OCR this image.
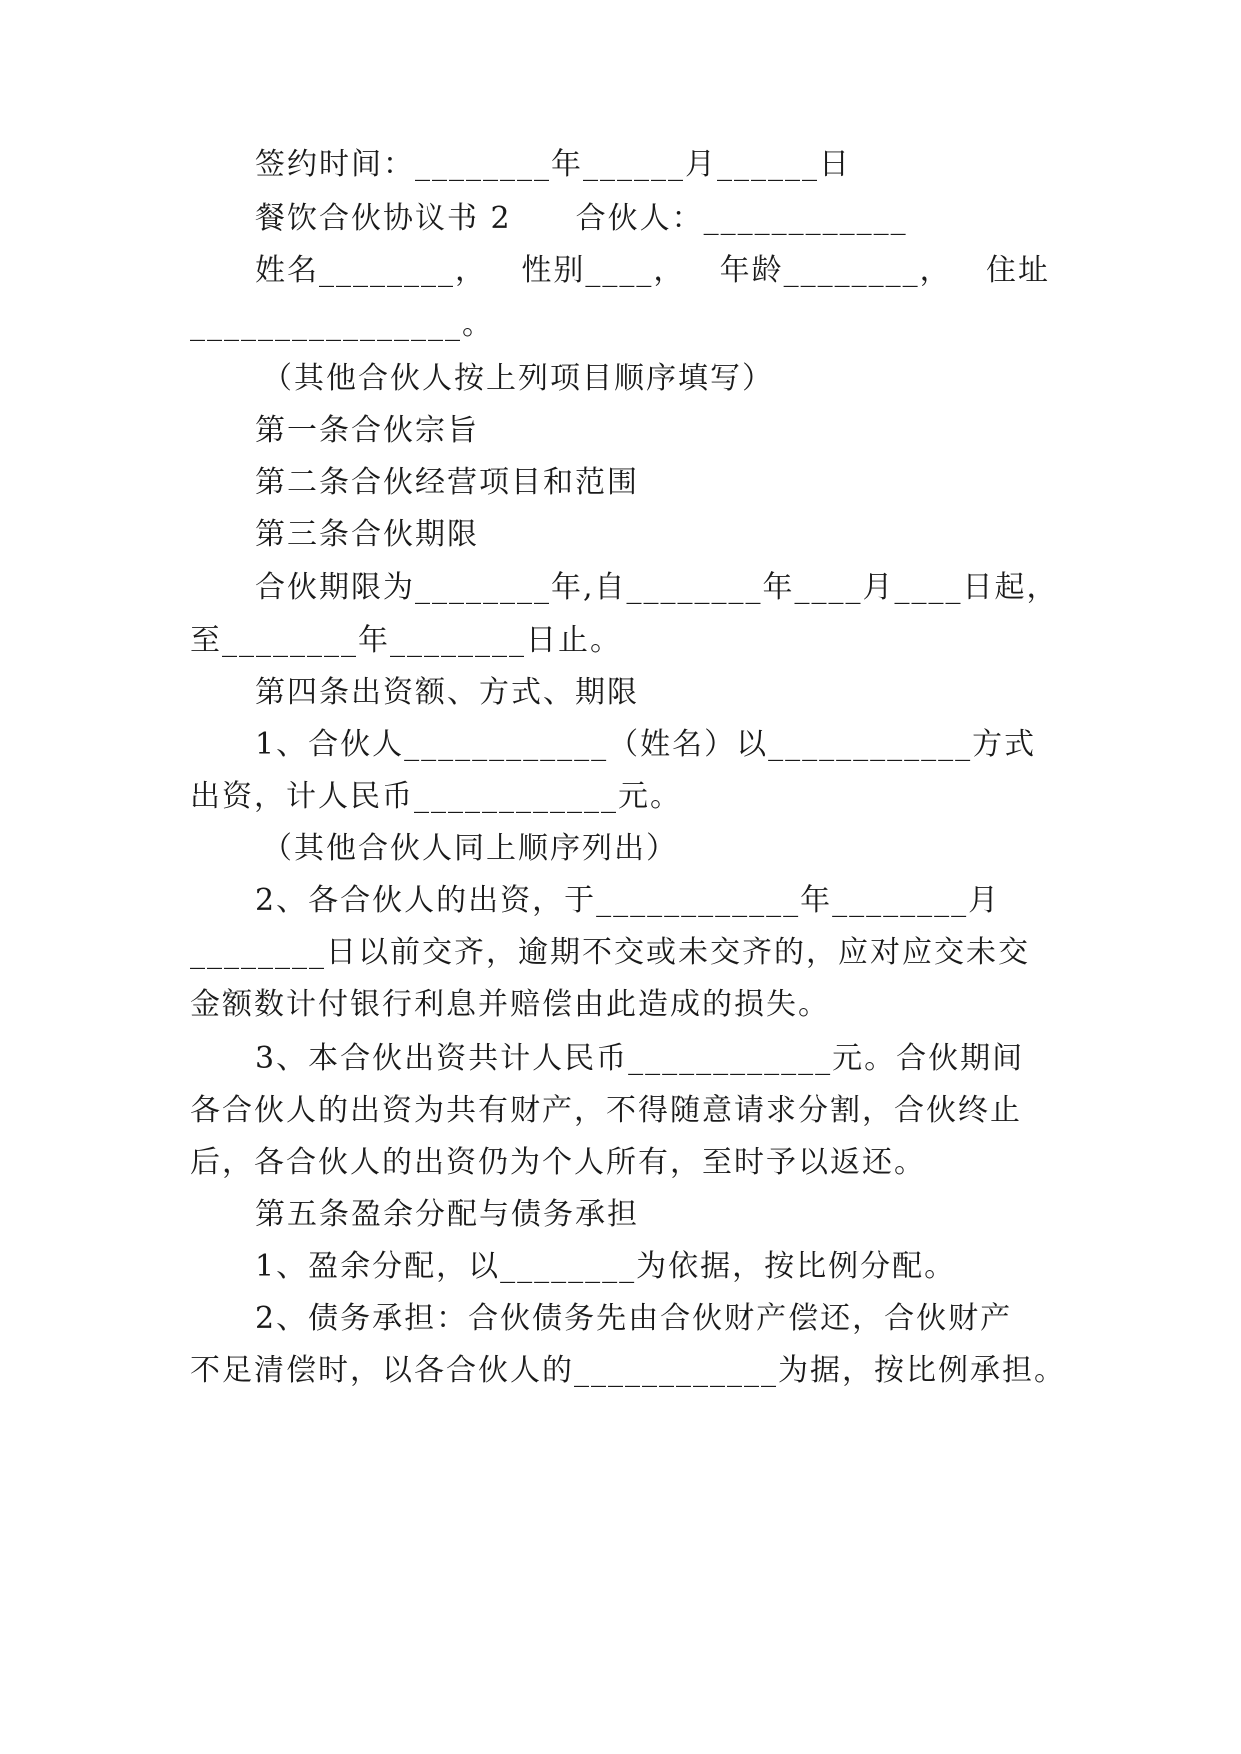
签约时间：________年______月______日
餐饮合伙协议书 2　　合伙人：____________
姓名________， 性别____， 年龄________， 住址
________________。
（其他合伙人按上列项目顺序填写）
第一条合伙宗旨
第二条合伙经营项目和范围
第三条合伙期限
合伙期限为________年,自________年____月____日起，
至________年________日止。
第四条出资额、方式、期限
1、合伙人____________（姓名）以____________方式
出资，计人民币____________元。
（其他合伙人同上顺序列出）
2、各合伙人的出资，于____________年________月
________日以前交齐，逾期不交或未交齐的，应对应交未交
金额数计付银行利息并赔偿由此造成的损失。
3、本合伙出资共计人民币____________元。合伙期间
各合伙人的出资为共有财产，不得随意请求分割，合伙终止
后，各合伙人的出资仍为个人所有，至时予以返还。
第五条盈余分配与债务承担
1、盈余分配，以________为依据，按比例分配。
2、债务承担：合伙债务先由合伙财产偿还，合伙财产
不足清偿时，以各合伙人的____________为据，按比例承担。
